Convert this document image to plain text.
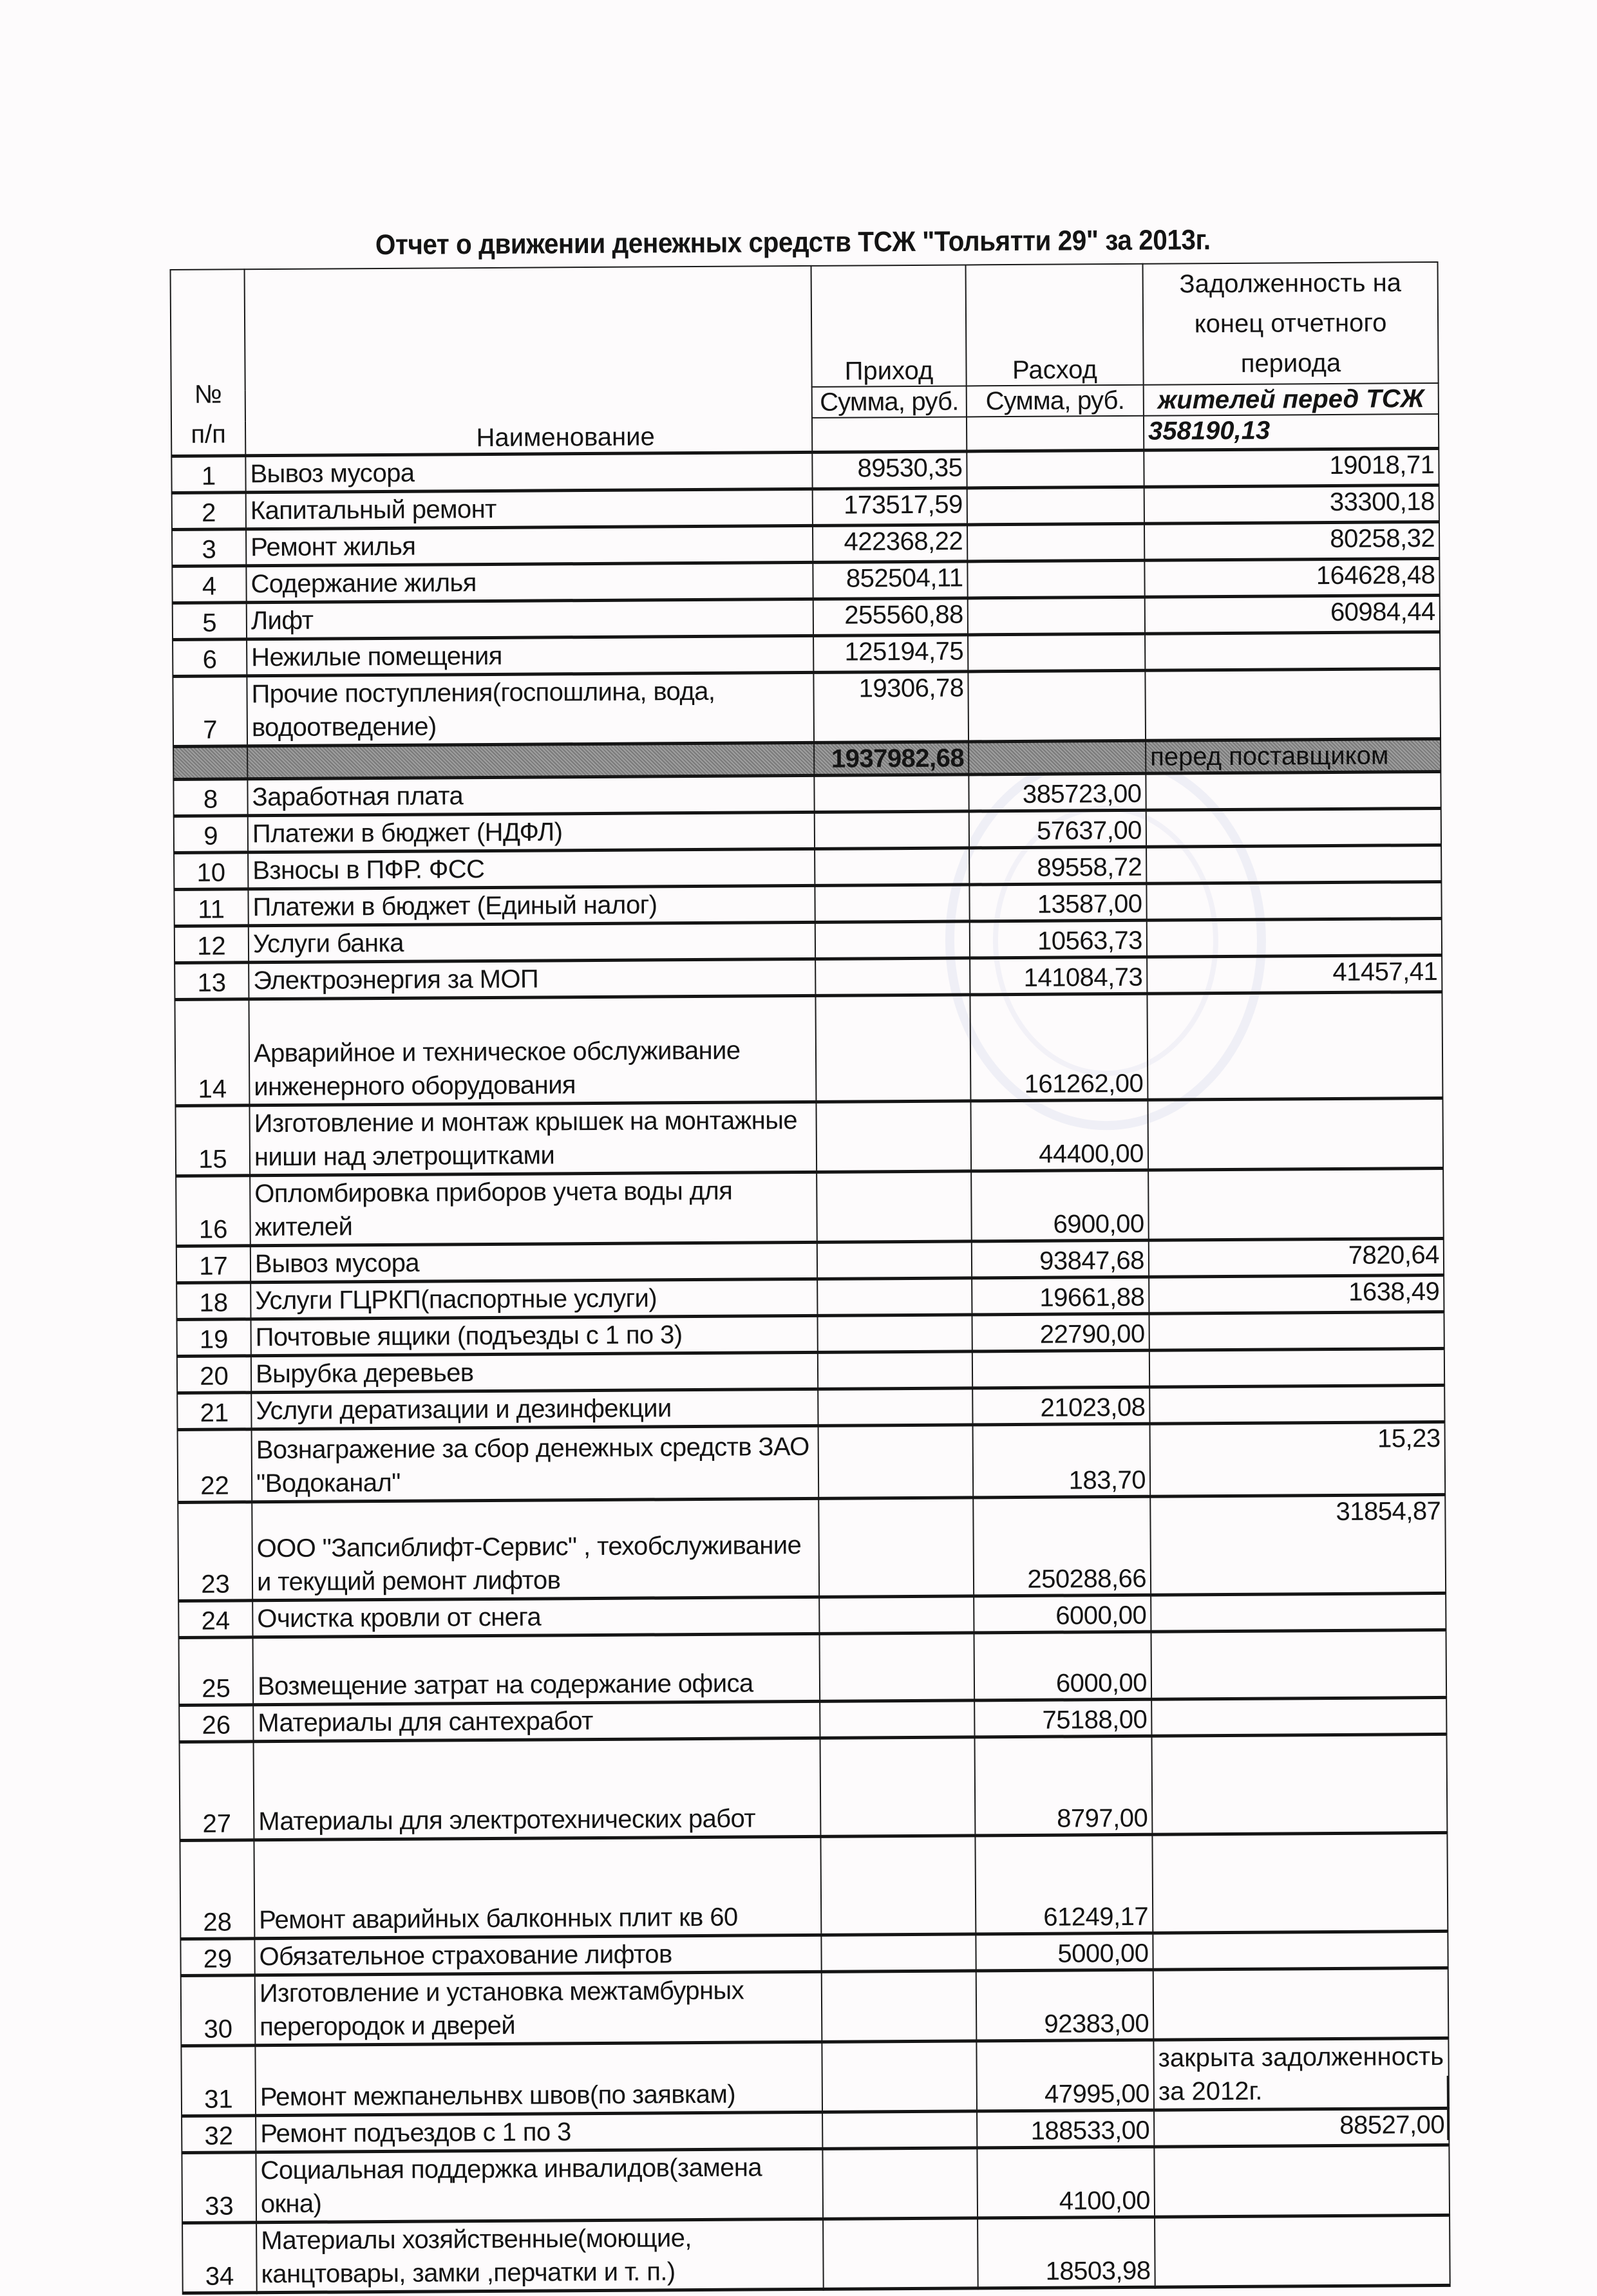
Отчет о движении денежных средств ТСЖ "Тольятти 29" за 2013г.
№
п/п	Наименование	Приход	Расход	Задолженность на конец отчетного периода
		Сумма, руб.	Сумма, руб.	жителей перед ТСЖ
				358190,13
1	Вывоз мусора	89530,35		19018,71
2	Капитальный ремонт	173517,59		33300,18
3	Ремонт жилья	422368,22		80258,32
4	Содержание жилья	852504,11		164628,48
5	Лифт	255560,88		60984,44
6	Нежилые помещения	125194,75		
7	Прочие поступления(госпошлина, вода, водоотведение)	19306,78		
		1937982,68		перед поставщиком
8	Заработная плата		385723,00	
9	Платежи в бюджет (НДФЛ)		57637,00	
10	Взносы в ПФР. ФСС		89558,72	
11	Платежи в бюджет (Единый налог)		13587,00	
12	Услуги банка		10563,73	
13	Электроэнергия за МОП		141084,73	41457,41
14	Арварийное и техническое обслуживание инженерного оборудования		161262,00	
15	Изготовление и монтаж крышек на монтажные ниши над элетрощитками		44400,00	
16	Опломбировка приборов учета воды для жителей		6900,00	
17	Вывоз мусора		93847,68	7820,64
18	Услуги ГЦРКП(паспортные услуги)		19661,88	1638,49
19	Почтовые ящики (подъезды с 1 по 3)		22790,00	
20	Вырубка деревьев			
21	Услуги дератизации и дезинфекции		21023,08	
22	Вознагражение за сбор денежных средств ЗАО "Водоканал"		183,70	15,23
23	ООО "Запсиблифт-Сервис" , техобслуживание и текущий ремонт лифтов		250288,66	31854,87
24	Очистка кровли от снега		6000,00	
25	Возмещение затрат на содержание офиса		6000,00	
26	Материалы для сантехработ		75188,00	
27	Материалы для электротехнических работ		8797,00	
28	Ремонт аварийных балконных плит кв 60		61249,17	
29	Обязательное страхование лифтов		5000,00	
30	Изготовление и установка межтамбурных перегородок и дверей		92383,00	
31	Ремонт межпанельнвх швов(по заявкам)		47995,00	закрыта задолженность за 2012г.
32	Ремонт подъездов с 1 по 3		188533,00	88527,00
33	Социальная поддержка инвалидов(замена окна)		4100,00	
34	Материалы хозяйственные(моющие, канцтовары, замки ,перчатки и т. п.)		18503,98	
